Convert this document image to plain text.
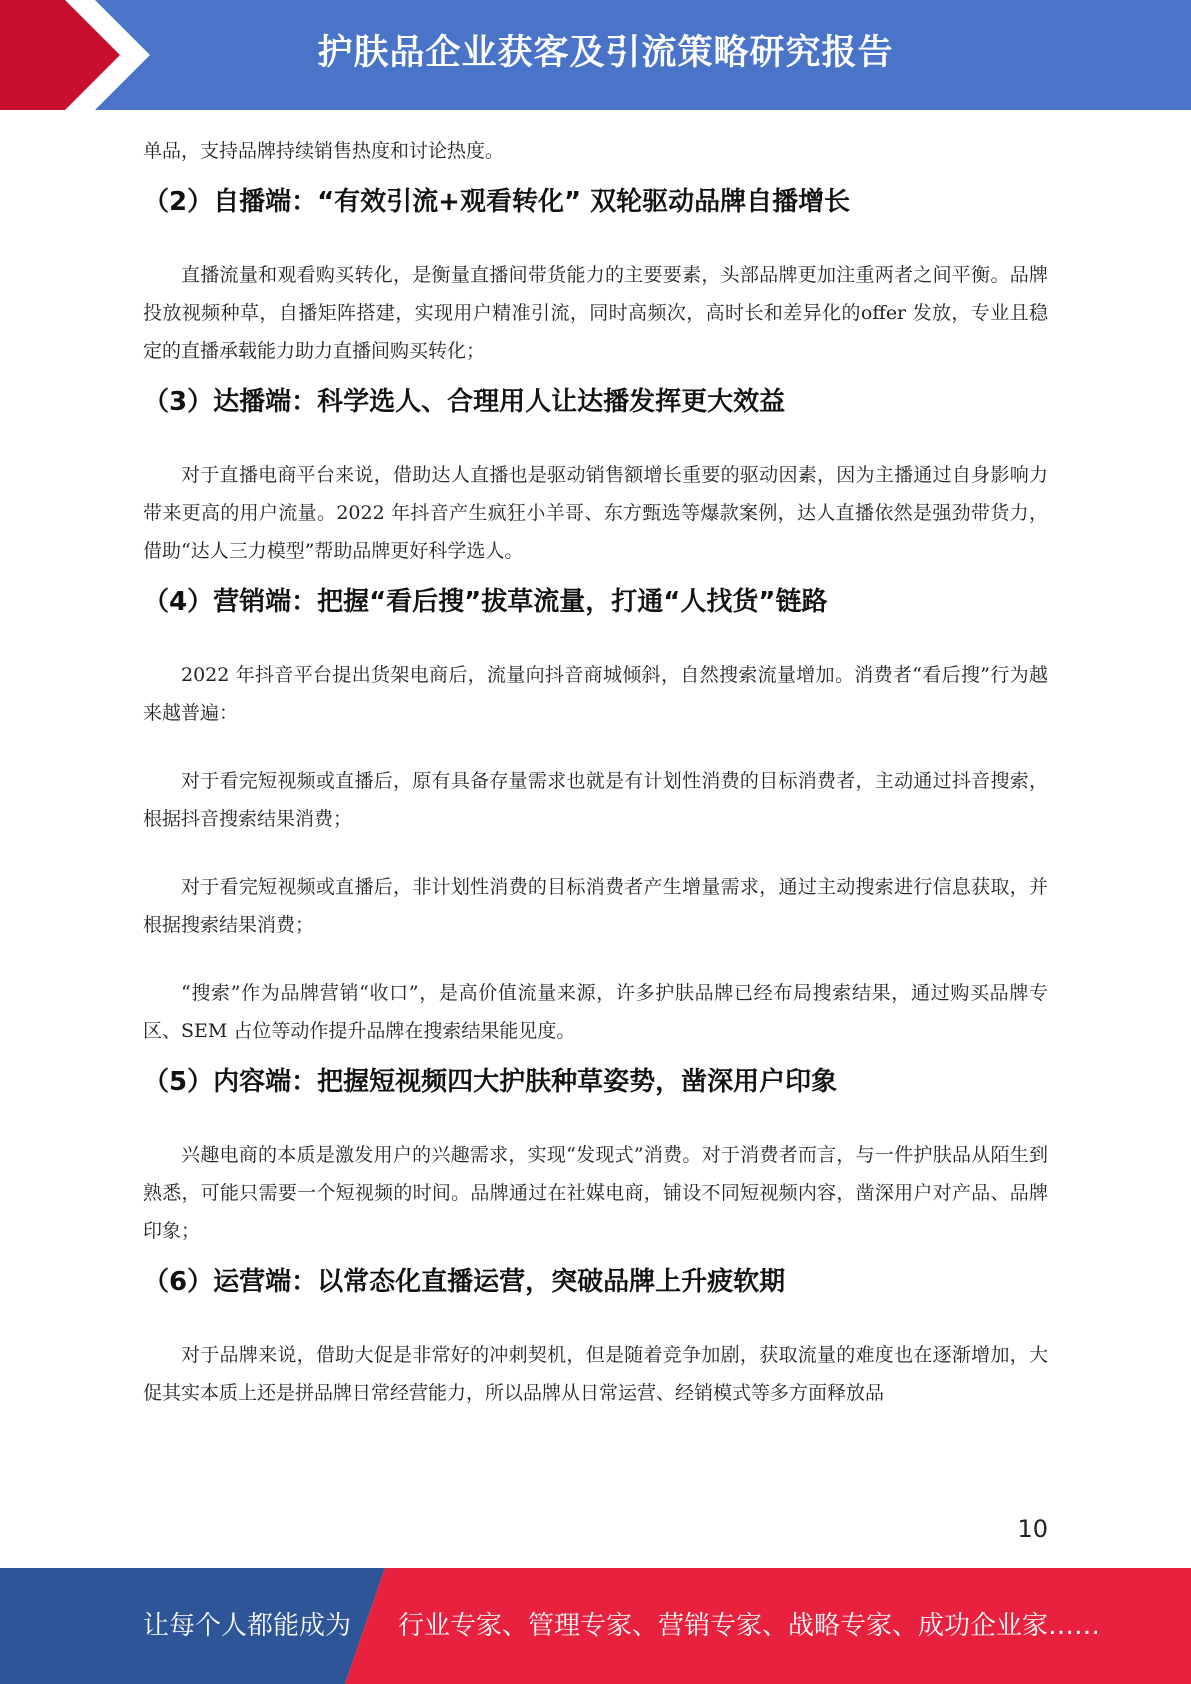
护肤品企业获客及引流策略研究报告

单品，支持品牌持续销售热度和讨论热度。

（2）自播端：“有效引流+观看转化” 双轮驱动品牌自播增长

直播流量和观看购买转化，是衡量直播间带货能力的主要要素，头部品牌更加注重两者之间平衡。品牌投放视频种草，自播矩阵搭建，实现用户精准引流，同时高频次，高时长和差异化的offer 发放，专业且稳定的直播承载能力助力直播间购买转化；

（3）达播端：科学选人、合理用人让达播发挥更大效益

对于直播电商平台来说，借助达人直播也是驱动销售额增长重要的驱动因素，因为主播通过自身影响力带来更高的用户流量。2022 年抖音产生疯狂小羊哥、东方甄选等爆款案例，达人直播依然是强劲带货力，借助“达人三力模型”帮助品牌更好科学选人。

（4）营销端：把握“看后搜”拔草流量，打通“人找货”链路

2022 年抖音平台提出货架电商后，流量向抖音商城倾斜，自然搜索流量增加。消费者“看后搜”行为越来越普遍：

对于看完短视频或直播后，原有具备存量需求也就是有计划性消费的目标消费者，主动通过抖音搜索，根据抖音搜索结果消费；

对于看完短视频或直播后，非计划性消费的目标消费者产生增量需求，通过主动搜索进行信息获取，并根据搜索结果消费；

“搜索”作为品牌营销“收口”，是高价值流量来源，许多护肤品牌已经布局搜索结果，通过购买品牌专区、SEM 占位等动作提升品牌在搜索结果能见度。

（5）内容端：把握短视频四大护肤种草姿势，凿深用户印象

兴趣电商的本质是激发用户的兴趣需求，实现“发现式”消费。对于消费者而言，与一件护肤品从陌生到熟悉，可能只需要一个短视频的时间。品牌通过在社媒电商，铺设不同短视频内容，凿深用户对产品、品牌印象；

（6）运营端：以常态化直播运营，突破品牌上升疲软期

对于品牌来说，借助大促是非常好的冲刺契机，但是随着竞争加剧，获取流量的难度也在逐渐增加，大促其实本质上还是拼品牌日常经营能力，所以品牌从日常运营、经销模式等多方面释放品

10
让每个人都能成为 行业专家、管理专家、营销专家、战略专家、成功企业家……
